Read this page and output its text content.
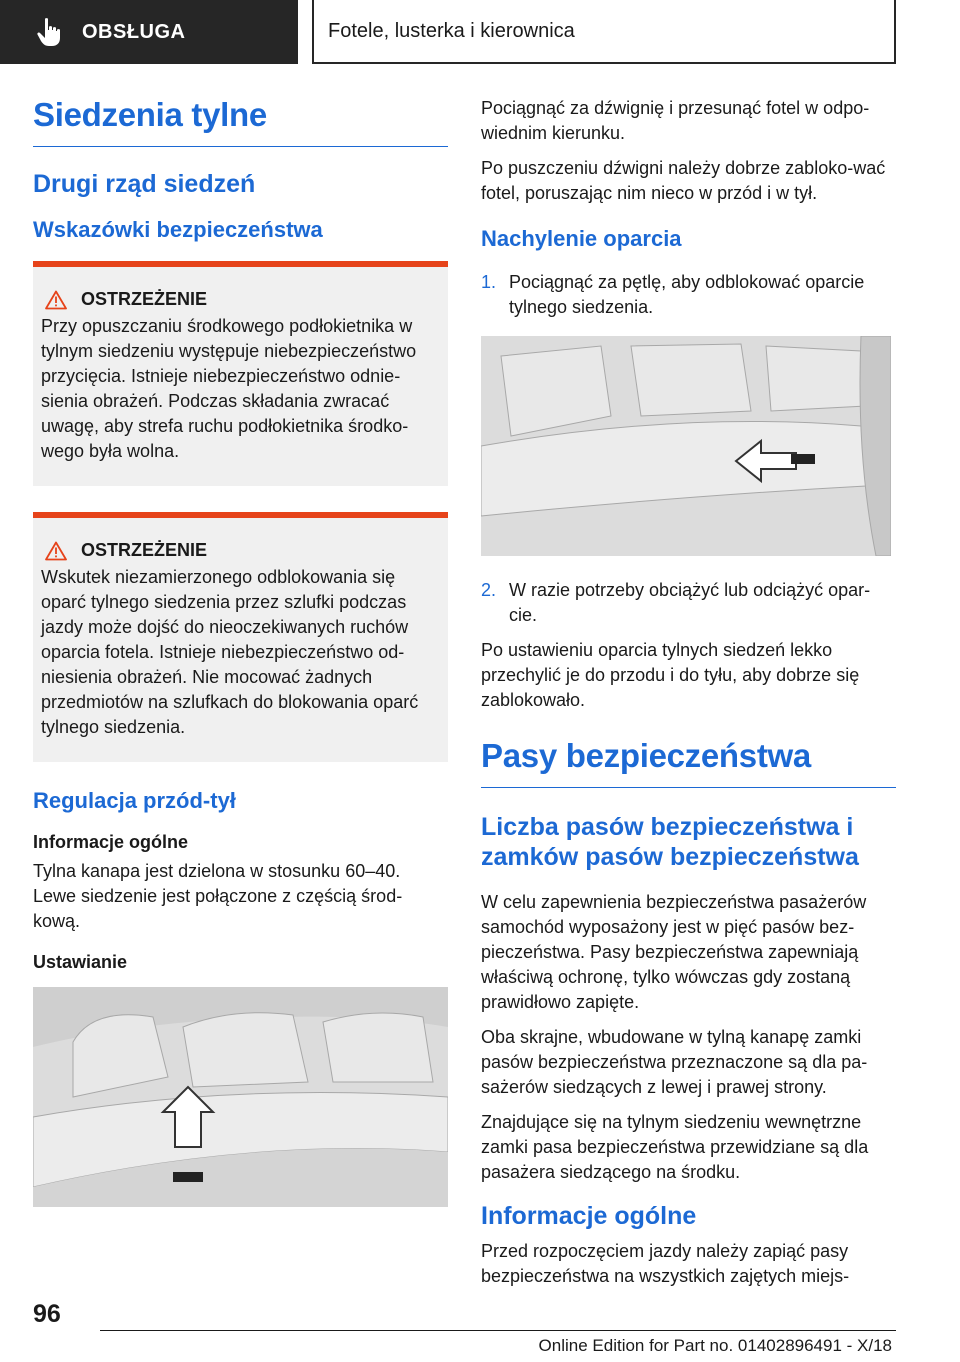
OBSŁUGA	Fotele, lusterka i kierownica
Siedzenia tylne
Drugi rząd siedzeń
Wskazówki bezpieczeństwa
OSTRZEŻENIE

Przy opuszczaniu środkowego podłokietnika w tylnym siedzeniu występuje niebezpieczeństwo przycięcia. Istnieje niebezpieczeństwo odnie‐sienia obrażeń. Podczas składania zwracać uwagę, aby strefa ruchu podłokietnika środko‐wego była wolna.

OSTRZEŻENIE

Wskutek niezamierzonego odblokowania się oparć tylnego siedzenia przez szlufki podczas jazdy może dojść do nieoczekiwanych ruchów oparcia fotela. Istnieje niebezpieczeństwo od‐niesienia obrażeń. Nie mocować żadnych przedmiotów na szlufkach do blokowania oparć tylnego siedzenia.

Regulacja przód-tył
Informacje ogólne

Tylna kanapa jest dzielona w stosunku 60–40. Lewe siedzenie jest połączone z częścią środ‐kową.

Ustawianie

Pociągnąć za dźwignię i przesunąć fotel w odpo‐wiednim kierunku.

Po puszczeniu dźwigni należy dobrze zabloko‐wać fotel, poruszając nim nieco w przód i w tył.

Nachylenie oparcia
1. Pociągnąć za pętlę, aby odblokować oparcie tylnego siedzenia.
2. W razie potrzeby obciążyć lub odciążyć opar‐cie.

Po ustawieniu oparcia tylnych siedzeń lekko przechylić je do przodu i do tyłu, aby dobrze się zablokowało.

Pasy bezpieczeństwa
Liczba pasów bezpieczeństwa i zamków pasów bezpieczeństwa

W celu zapewnienia bezpieczeństwa pasażerów samochód wyposażony jest w pięć pasów bez‐pieczeństwa. Pasy bezpieczeństwa zapewniają właściwą ochronę, tylko wówczas gdy zostaną prawidłowo zapięte.

Oba skrajne, wbudowane w tylną kanapę zamki pasów bezpieczeństwa przeznaczone są dla pa‐sażerów siedzących z lewej i prawej strony.

Znajdujące się na tylnym siedzeniu wewnętrzne zamki pasa bezpieczeństwa przewidziane są dla pasażera siedzącego na środku.

Informacje ogólne

Przed rozpoczęciem jazdy należy zapiąć pasy bezpieczeństwa na wszystkich zajętych miejs‐

96
Online Edition for Part no. 01402896491 - X/18
